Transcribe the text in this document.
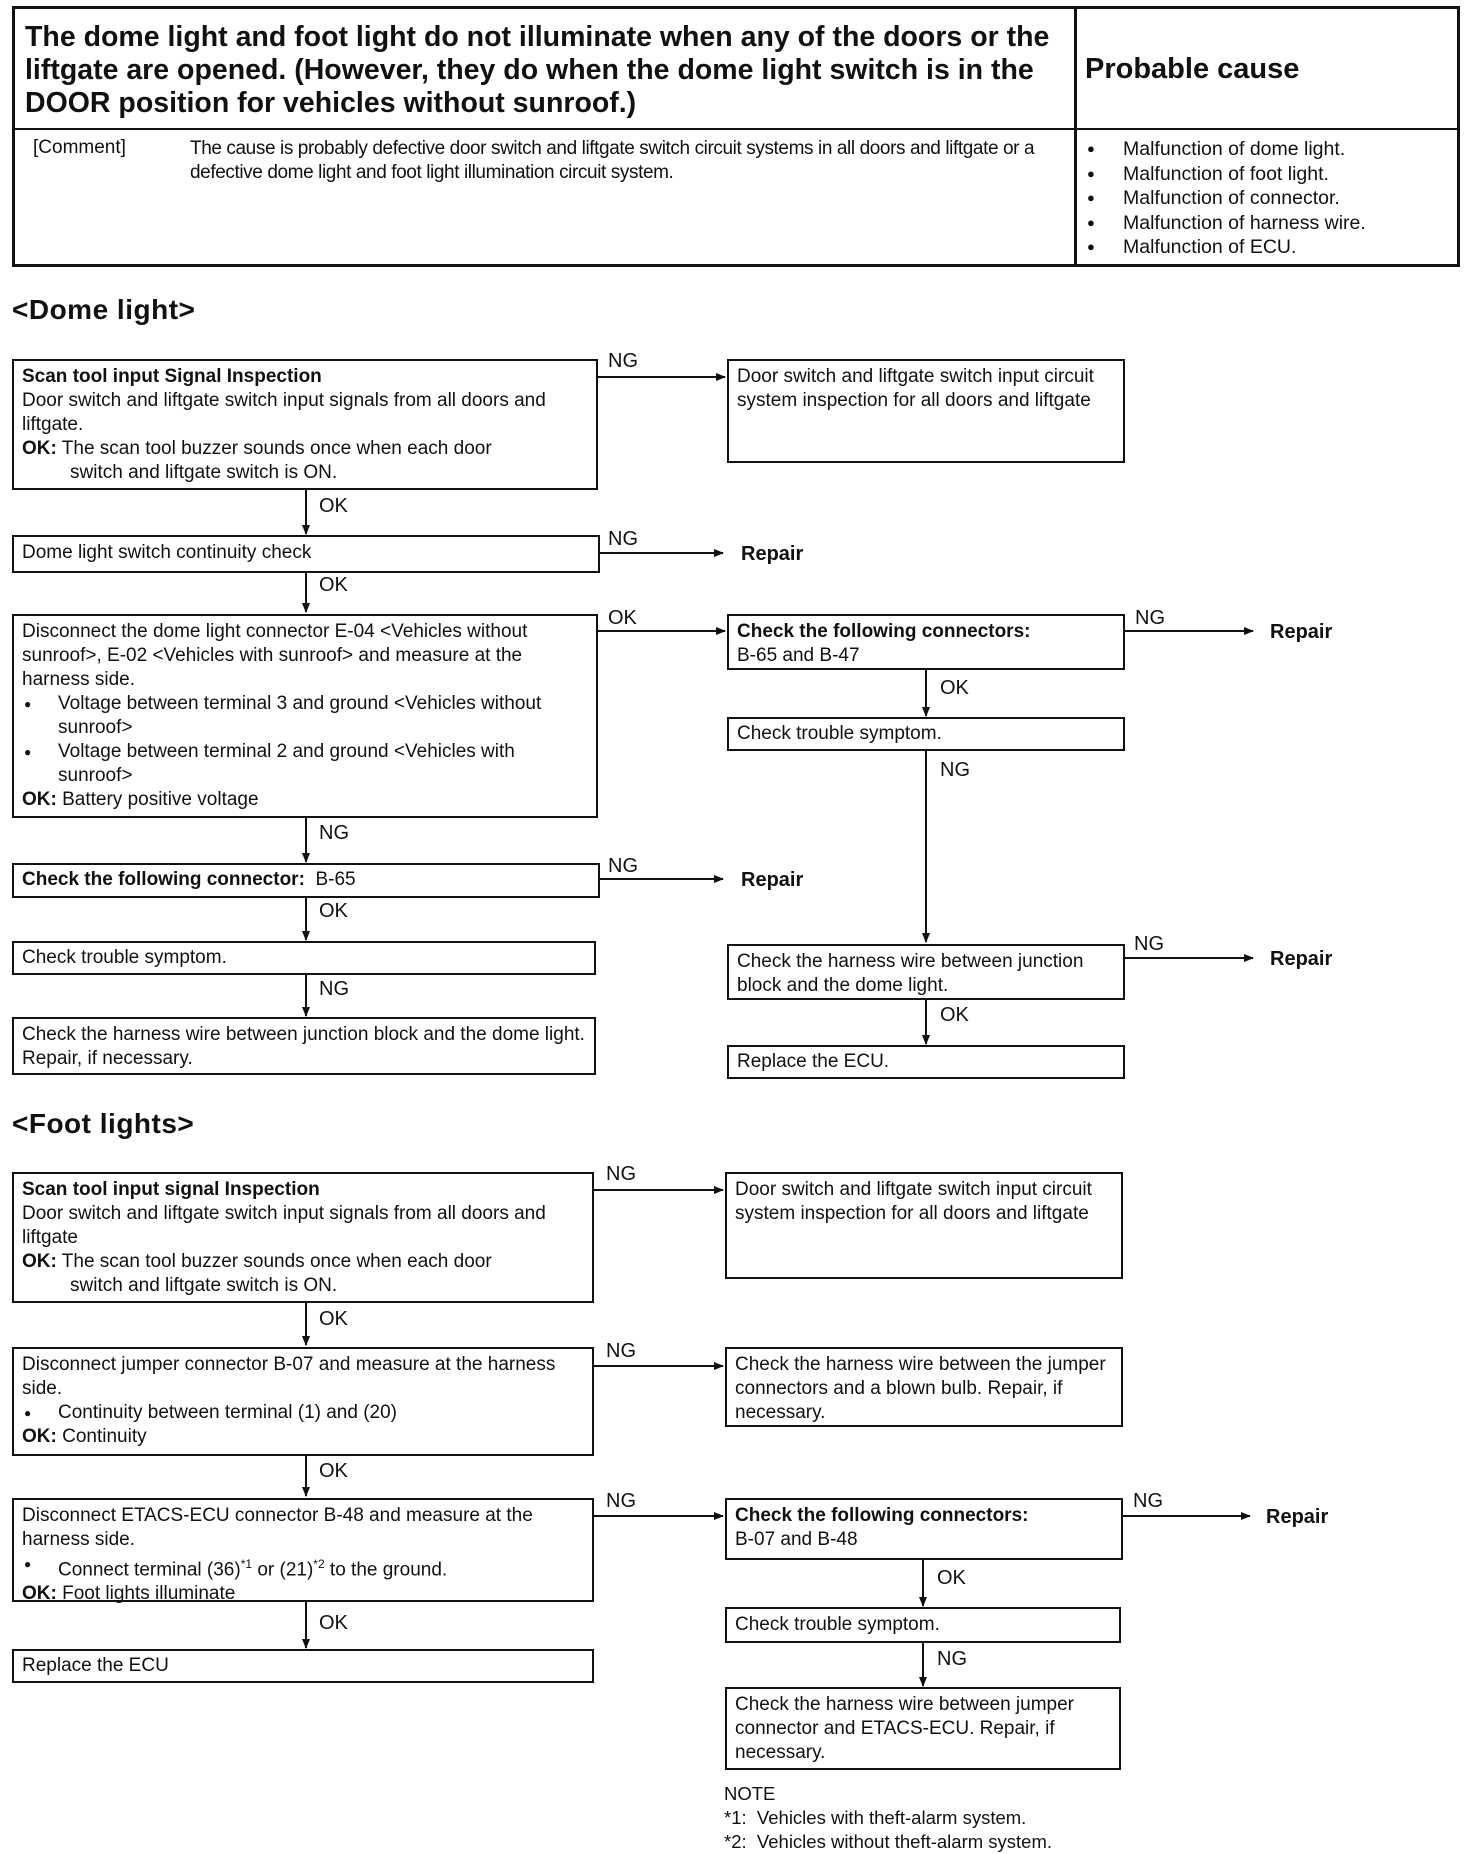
The dome light and foot light do not illuminate when any of the doors or the liftgate are opened. (However, they do when the dome light switch is in the DOOR position for vehicles without sunroof.)
Probable cause
[Comment]	The cause is probably defective door switch and liftgate switch circuit systems in all doors and liftgate or a defective dome light and foot light illumination circuit system.
● Malfunction of dome light.
● Malfunction of foot light.
● Malfunction of connector.
● Malfunction of harness wire.
● Malfunction of ECU.
<Dome light>
Scan tool input Signal Inspection
Door switch and liftgate switch input signals from all doors and liftgate.
OK: The scan tool buzzer sounds once when each door
switch and liftgate switch is ON.
Door switch and liftgate switch input circuit system inspection for all doors and liftgate
Dome light switch continuity check
Disconnect the dome light connector E-04 <Vehicles without sunroof>, E-02 <Vehicles with sunroof> and measure at the harness side.
● Voltage between terminal 3 and ground <Vehicles without sunroof>
● Voltage between terminal 2 and ground <Vehicles with sunroof>
OK: Battery positive voltage
Check the following connectors:
B-65 and B-47
Check trouble symptom.
Check the following connector: B-65
Check trouble symptom.
Check the harness wire between junction block and the dome light. Repair, if necessary.
Check the harness wire between junction block and the dome light.
Replace the ECU.
NG
OK
NG
Repair
OK
OK	NG
Repair
OK
NG
NG
NG
Repair
OK
NG
NG
Repair
OK
<Foot lights>
Scan tool input signal Inspection
Door switch and liftgate switch input signals from all doors and liftgate
OK: The scan tool buzzer sounds once when each door
switch and liftgate switch is ON.
Door switch and liftgate switch input circuit system inspection for all doors and liftgate
Disconnect jumper connector B-07 and measure at the harness side.
● Continuity between terminal (1) and (20)
OK: Continuity
Check the harness wire between the jumper connectors and a blown bulb. Repair, if necessary.
Disconnect ETACS-ECU connector B-48 and measure at the harness side.
● Connect terminal $(36)^{*1}$ or $(21)^{*2}$ to the ground.
OK: Foot lights illuminate
Check the following connectors:
B-07 and B-48
Check trouble symptom.
Check the harness wire between jumper connector and ETACS-ECU. Repair, if necessary.
Replace the ECU
NG
OK
NG
OK
NG	NG
Repair
OK
OK
NG
NOTE
*1: Vehicles with theft-alarm system.
*2: Vehicles without theft-alarm system.
